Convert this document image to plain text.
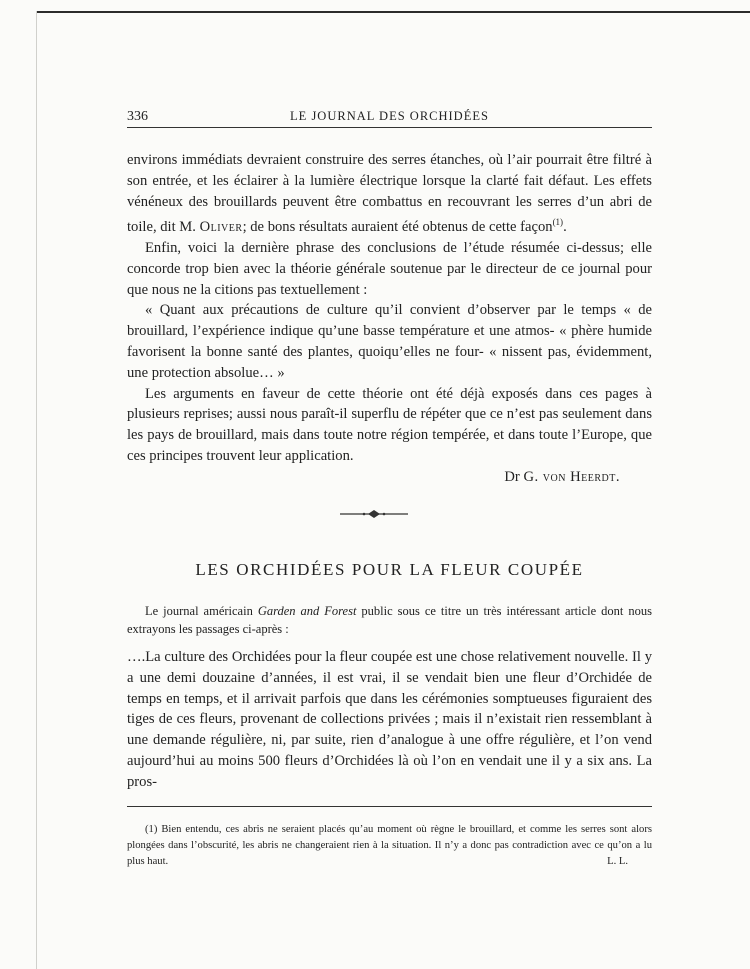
336	LE JOURNAL DES ORCHIDÉES

environs immédiats devraient construire des serres étanches, où l’air pourrait être filtré à son entrée, et les éclairer à la lumière électrique lorsque la clarté fait défaut. Les effets vénéneux des brouillards peuvent être combattus en recouvrant les serres d’un abri de toile, dit M. Oliver; de bons résultats auraient été obtenus de cette façon$^{(1)}$.

Enfin, voici la dernière phrase des conclusions de l’étude résumée ci-dessus; elle concorde trop bien avec la théorie générale soutenue par le directeur de ce journal pour que nous ne la citions pas textuellement :

« Quant aux précautions de culture qu’il convient d’observer par le temps « de brouillard, l’expérience indique qu’une basse température et une atmos- « phère humide favorisent la bonne santé des plantes, quoiqu’elles ne four- « nissent pas, évidemment, une protection absolue… »

Les arguments en faveur de cette théorie ont été déjà exposés dans ces pages à plusieurs reprises; aussi nous paraît-il superflu de répéter que ce n’est pas seulement dans les pays de brouillard, mais dans toute notre région tempérée, et dans toute l’Europe, que ces principes trouvent leur application.

Dr G. von Heerdt.

LES ORCHIDÉES POUR LA FLEUR COUPÉE

Le journal américain Garden and Forest public sous ce titre un très intéressant article dont nous extrayons les passages ci-après :

….La culture des Orchidées pour la fleur coupée est une chose relativement nouvelle. Il y a une demi douzaine d’années, il est vrai, il se vendait bien une fleur d’Orchidée de temps en temps, et il arrivait parfois que dans les cérémonies somptueuses figuraient des tiges de ces fleurs, provenant de collections privées ; mais il n’existait rien ressemblant à une demande régulière, ni, par suite, rien d’analogue à une offre régulière, et l’on vend aujourd’hui au moins 500 fleurs d’Orchidées là où l’on en vendait une il y a six ans. La pros-

(1) Bien entendu, ces abris ne seraient placés qu’au moment où règne le brouillard, et comme les serres sont alors plongées dans l’obscurité, les abris ne changeraient rien à la situation. Il n’y a donc pas contradiction avec ce qu’on a lu plus haut.	L. L.
